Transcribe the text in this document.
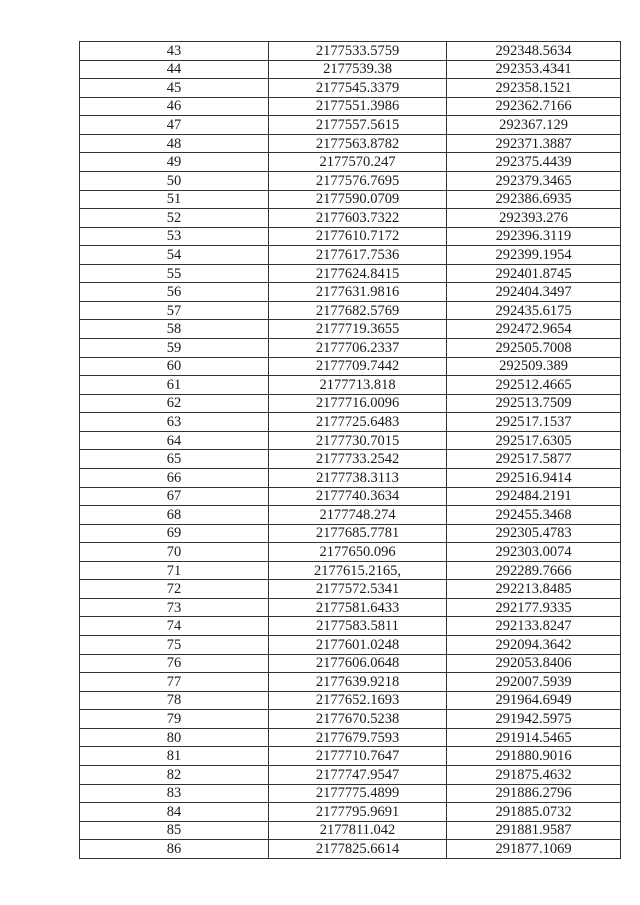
43	2177533.5759	292348.5634
44	2177539.38	292353.4341
45	2177545.3379	292358.1521
46	2177551.3986	292362.7166
47	2177557.5615	292367.129
48	2177563.8782	292371.3887
49	2177570.247	292375.4439
50	2177576.7695	292379.3465
51	2177590.0709	292386.6935
52	2177603.7322	292393.276
53	2177610.7172	292396.3119
54	2177617.7536	292399.1954
55	2177624.8415	292401.8745
56	2177631.9816	292404.3497
57	2177682.5769	292435.6175
58	2177719.3655	292472.9654
59	2177706.2337	292505.7008
60	2177709.7442	292509.389
61	2177713.818	292512.4665
62	2177716.0096	292513.7509
63	2177725.6483	292517.1537
64	2177730.7015	292517.6305
65	2177733.2542	292517.5877
66	2177738.3113	292516.9414
67	2177740.3634	292484.2191
68	2177748.274	292455.3468
69	2177685.7781	292305.4783
70	2177650.096	292303.0074
71	2177615.2165,	292289.7666
72	2177572.5341	292213.8485
73	2177581.6433	292177.9335
74	2177583.5811	292133.8247
75	2177601.0248	292094.3642
76	2177606.0648	292053.8406
77	2177639.9218	292007.5939
78	2177652.1693	291964.6949
79	2177670.5238	291942.5975
80	2177679.7593	291914.5465
81	2177710.7647	291880.9016
82	2177747.9547	291875.4632
83	2177775.4899	291886.2796
84	2177795.9691	291885.0732
85	2177811.042	291881.9587
86	2177825.6614	291877.1069
